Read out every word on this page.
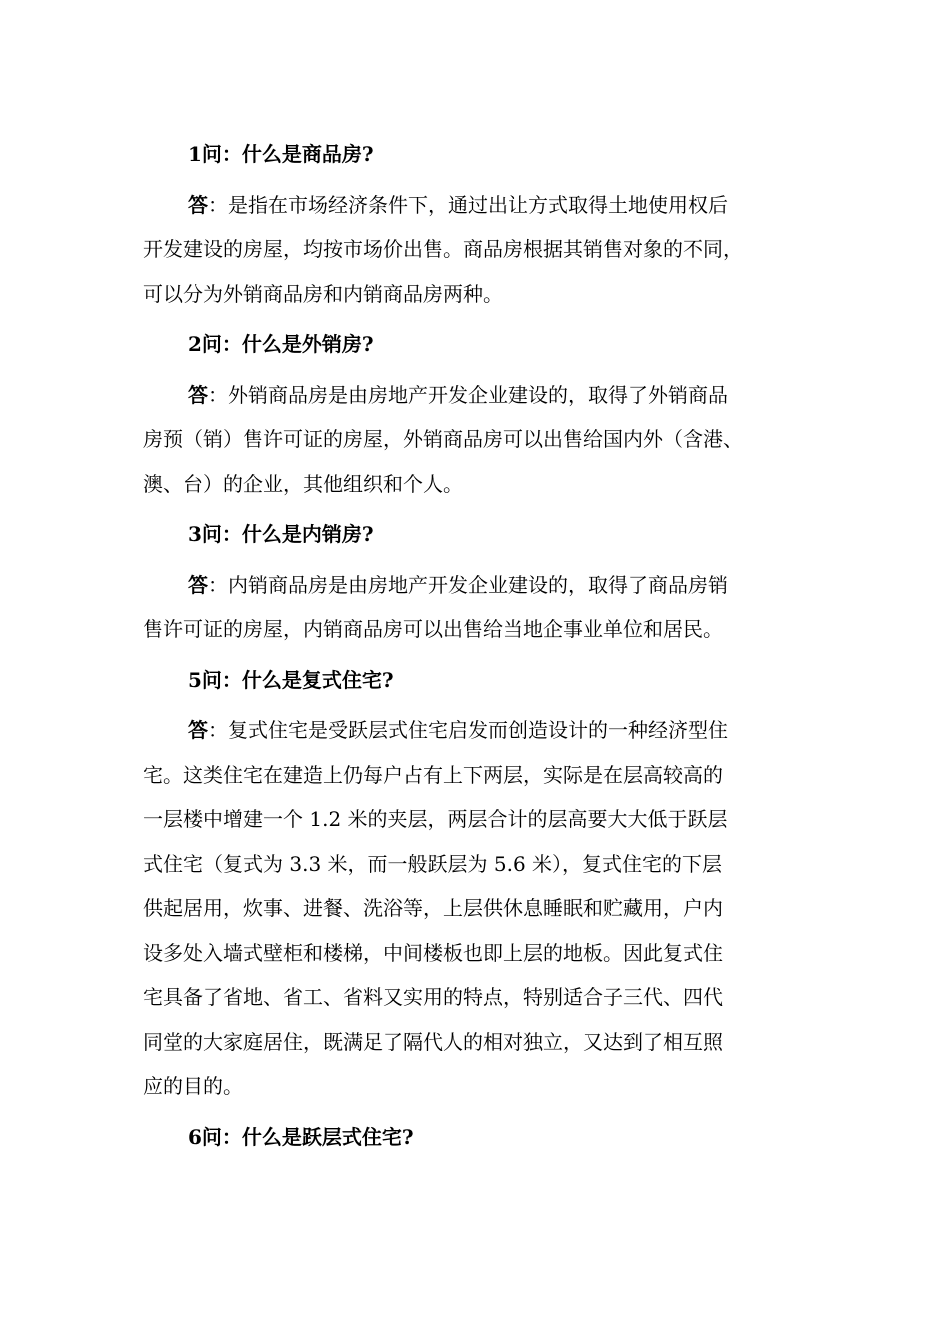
1问：什么是商品房?

答：是指在市场经济条件下，通过出让方式取得土地使用权后
开发建设的房屋，均按市场价出售。商品房根据其销售对象的不同，
可以分为外销商品房和内销商品房两种。

2问：什么是外销房?

答：外销商品房是由房地产开发企业建设的，取得了外销商品
房预（销）售许可证的房屋，外销商品房可以出售给国内外（含港、
澳、台）的企业，其他组织和个人。

3问：什么是内销房?

答：内销商品房是由房地产开发企业建设的，取得了商品房销
售许可证的房屋，内销商品房可以出售给当地企事业单位和居民。

5问：什么是复式住宅?

答：复式住宅是受跃层式住宅启发而创造设计的一种经济型住
宅。这类住宅在建造上仍每户占有上下两层，实际是在层高较高的
一层楼中增建一个 1.2 米的夹层，两层合计的层高要大大低于跃层
式住宅（复式为 3.3 米，而一般跃层为 5.6 米），复式住宅的下层
供起居用，炊事、进餐、洗浴等，上层供休息睡眠和贮藏用，户内
设多处入墙式壁柜和楼梯，中间楼板也即上层的地板。因此复式住
宅具备了省地、省工、省料又实用的特点，特别适合子三代、四代
同堂的大家庭居住，既满足了隔代人的相对独立，又达到了相互照
应的目的。

6问：什么是跃层式住宅?
